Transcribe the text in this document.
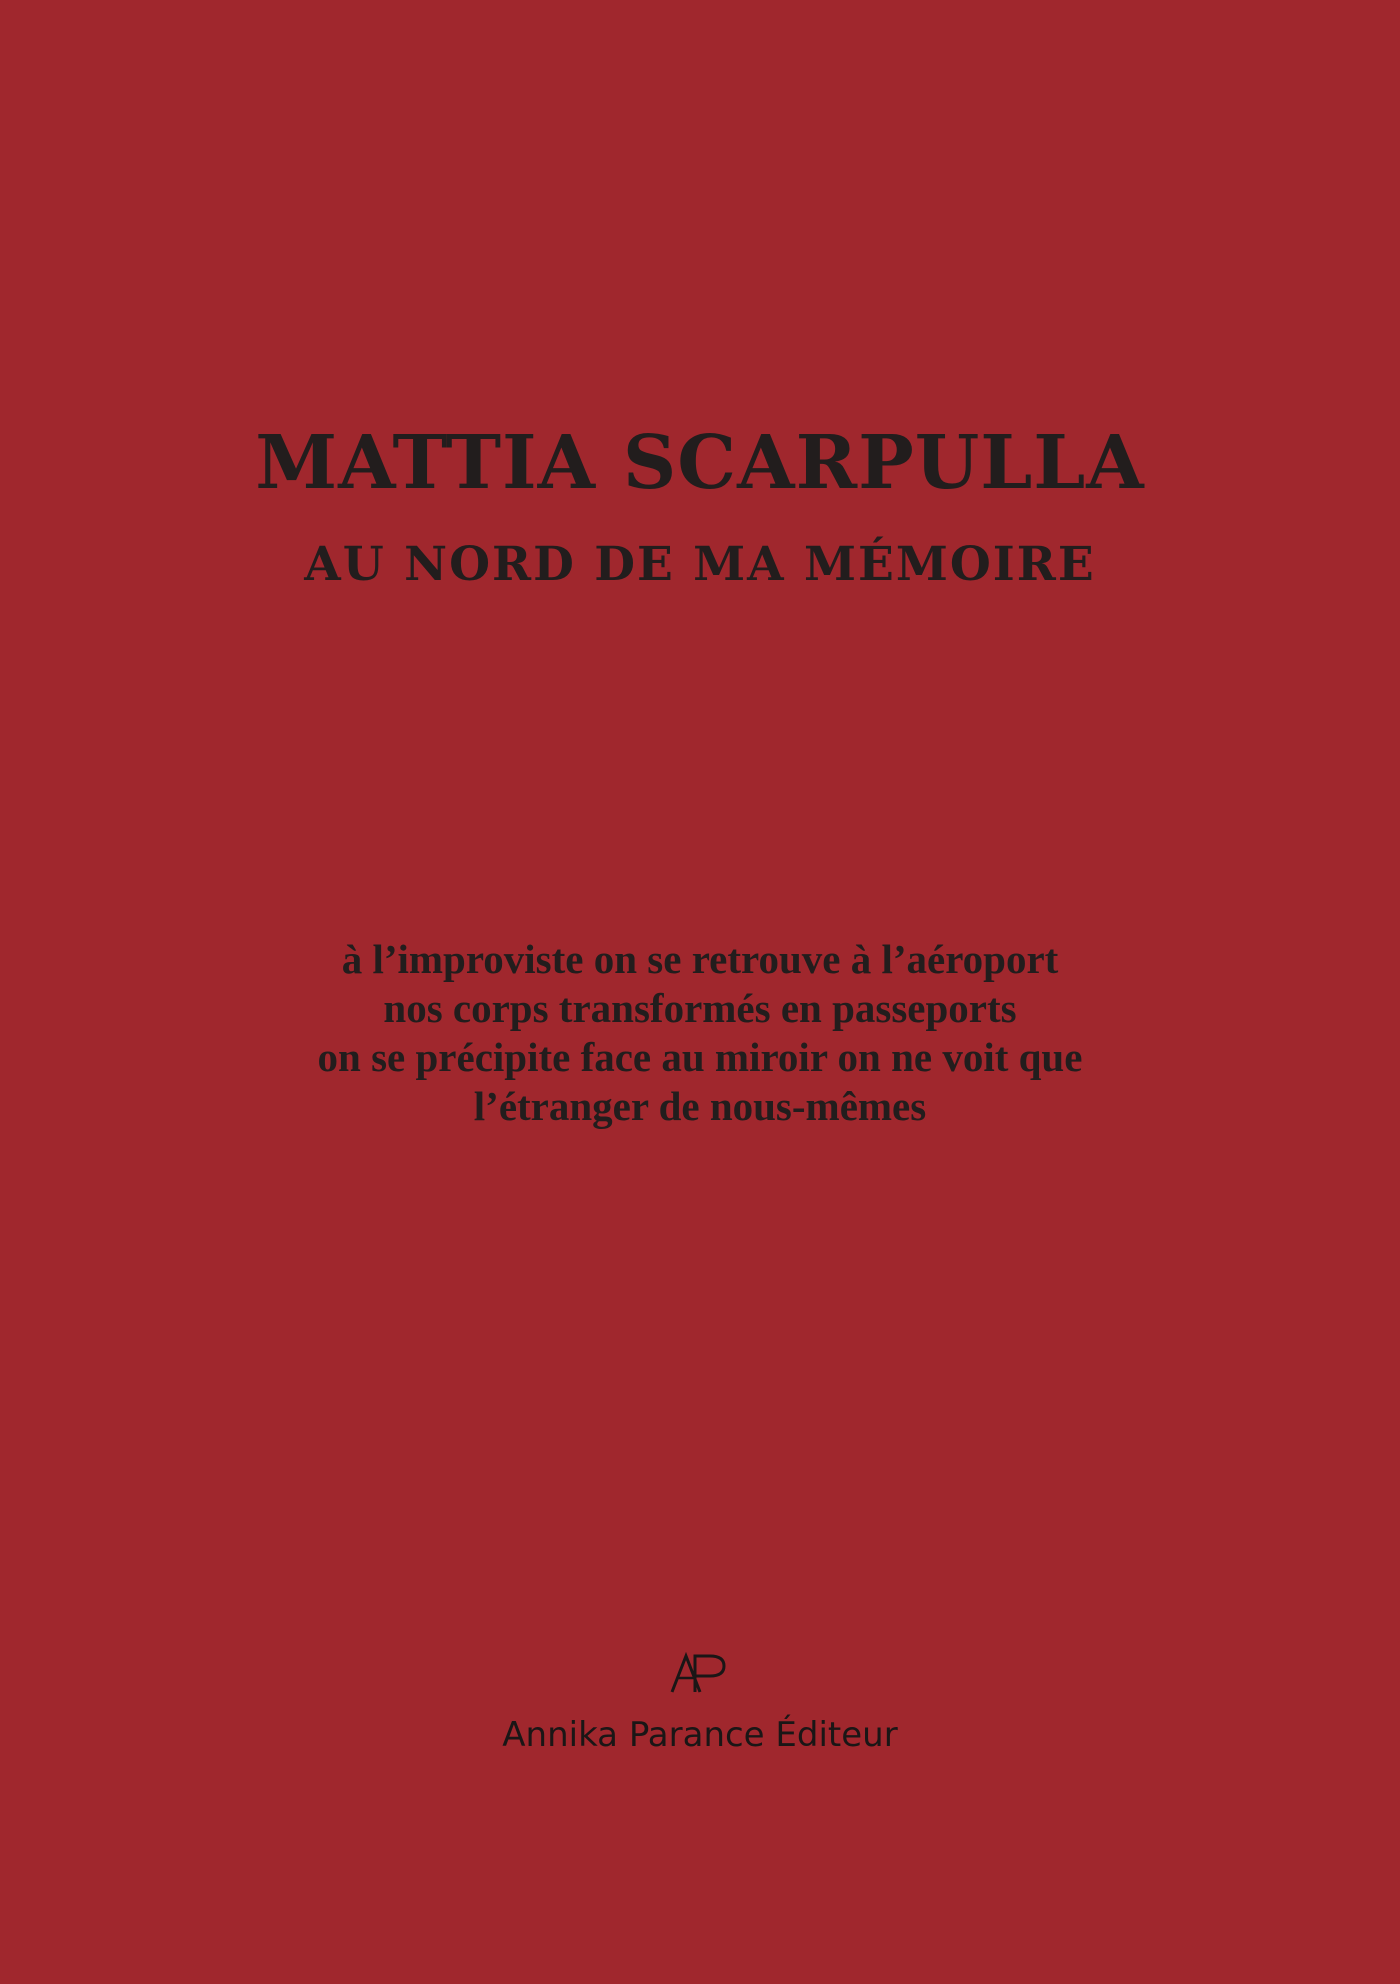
MATTIA SCARPULLA
AU NORD DE MA MÉMOIRE
à l’improviste on se retrouve à l’aéroport
nos corps transformés en passeports
on se précipite face au miroir on ne voit que
l’étranger de nous-mêmes
Annika Parance Éditeur
